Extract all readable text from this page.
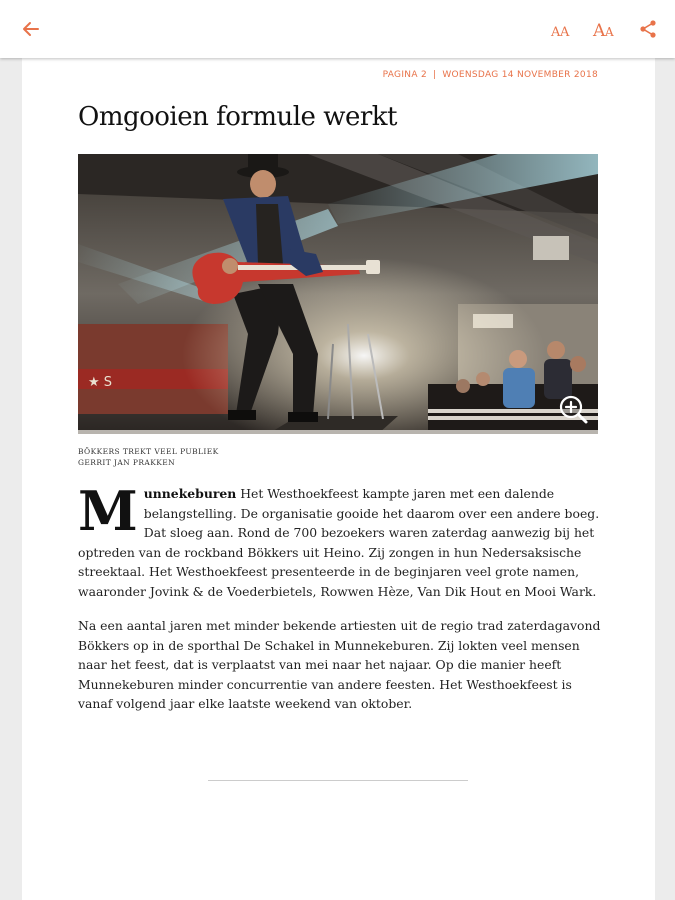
A A A A
PAGINA 2 | WOENSDAG 14 NOVEMBER 2018
Omgooien formule werkt
BÖKKERS TREKT VEEL PUBLIEK
GERRIT JAN PRAKKEN

Munnekeburen Het Westhoekfeest kampte jaren met een dalende belangstelling. De organisatie gooide het daarom over een andere boeg. Dat sloeg aan. Rond de 700 bezoekers waren zaterdag aanwezig bij het optreden van de rockband Bökkers uit Heino. Zij zongen in hun Nedersaksische streektaal. Het Westhoekfeest presenteerde in de beginjaren veel grote namen, waaronder Jovink & de Voederbietels, Rowwen Hèze, Van Dik Hout en Mooi Wark.

Na een aantal jaren met minder bekende artiesten uit de regio trad zaterdagavond Bökkers op in de sporthal De Schakel in Munnekeburen. Zij lokten veel mensen naar het feest, dat is verplaatst van mei naar het najaar. Op die manier heeft Munnekeburen minder concurrentie van andere feesten. Het Westhoekfeest is vanaf volgend jaar elke laatste weekend van oktober.
